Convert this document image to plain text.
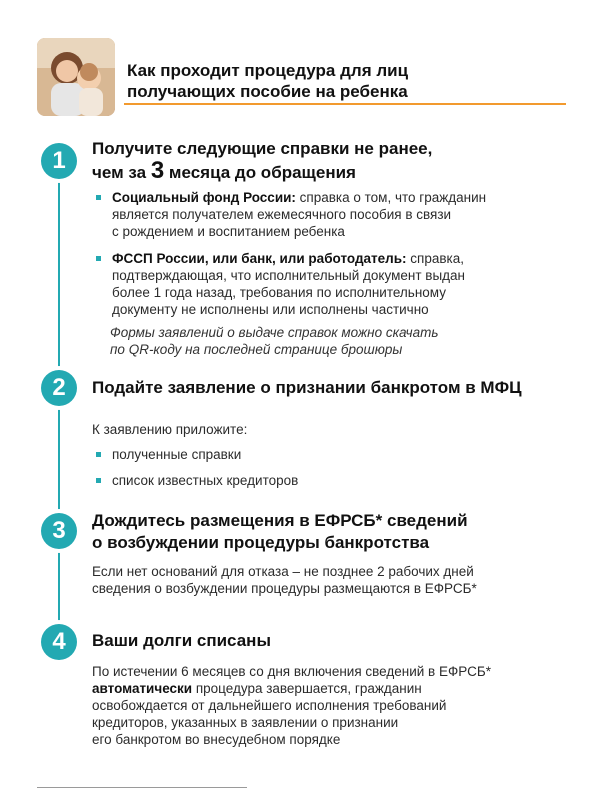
Как проходит процедура для лиц
получающих пособие на ребенка
1	Получите следующие справки не ранее,
чем за 3 месяца до обращения
Социальный фонд России: справка о том, что гражданин
является получателем ежемесячного пособия в связи
с рождением и воспитанием ребенка
ФССП России, или банк, или работодатель: справка,
подтверждающая, что исполнительный документ выдан
более 1 года назад, требования по исполнительному
документу не исполнены или исполнены частично
Формы заявлений о выдаче справок можно скачать
по QR-коду на последней странице брошюры
2	Подайте заявление о признании банкротом в МФЦ
К заявлению приложите:
полученные справки
список известных кредиторов
3	Дождитесь размещения в ЕФРСБ* сведений
о возбуждении процедуры банкротства
Если нет оснований для отказа – не позднее 2 рабочих дней
сведения о возбуждении процедуры размещаются в ЕФРСБ*
4	Ваши долги списаны
По истечении 6 месяцев со дня включения сведений в ЕФРСБ*
автоматически процедура завершается, гражданин
освобождается от дальнейшего исполнения требований
кредиторов, указанных в заявлении о признании
его банкротом во внесудебном порядке
